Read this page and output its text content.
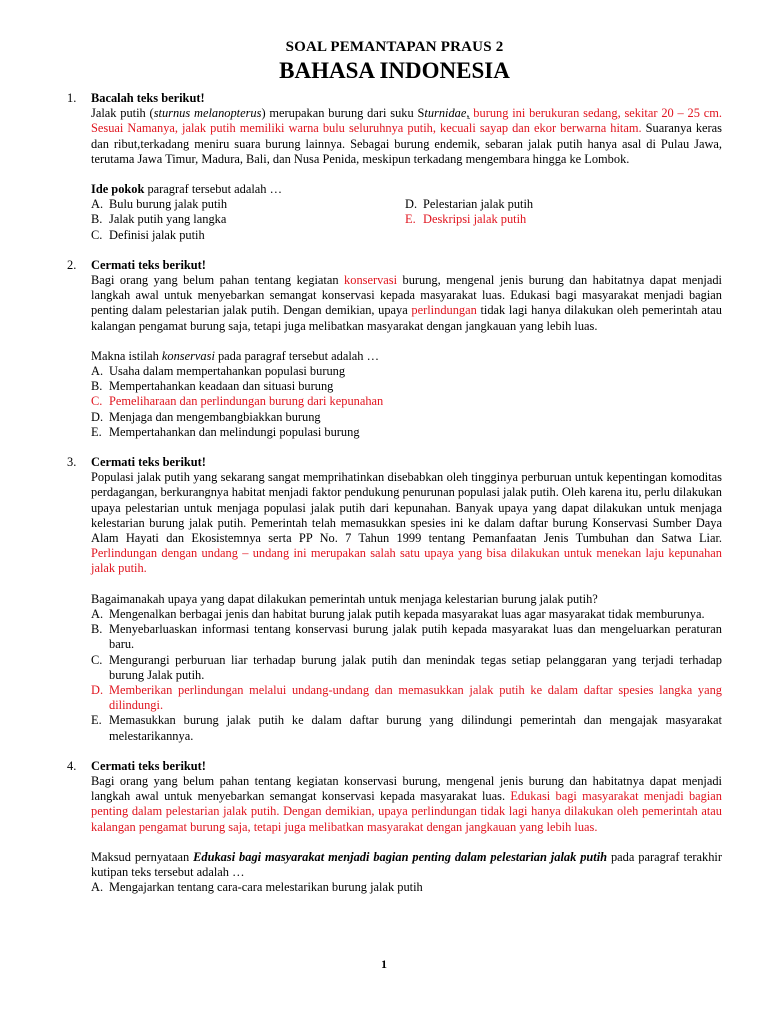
SOAL PEMANTAPAN PRAUS 2

BAHASA INDONESIA

1. Bacalah teks berikut!
Jalak putih (sturnus melanopterus) merupakan burung dari suku Sturnidae, burung ini berukuran sedang, sekitar 20 – 25 cm. Sesuai Namanya, jalak putih memiliki warna bulu seluruhnya putih, kecuali sayap dan ekor berwarna hitam. Suaranya keras dan ribut,terkadang meniru suara burung lainnya. Sebagai burung endemik, sebaran jalak putih hanya asal di Pulau Jawa, terutama Jawa Timur, Madura, Bali, dan Nusa Penida, meskipun terkadang mengembara hingga ke Lombok.
Ide pokok paragraf tersebut adalah …
A. Bulu burung jalak putih
B. Jalak putih yang langka
C. Definisi jalak putih
D. Pelestarian jalak putih
E. Deskripsi jalak putih
2. Cermati teks berikut!
Bagi orang yang belum pahan tentang kegiatan konservasi burung, mengenal jenis burung dan habitatnya dapat menjadi langkah awal untuk menyebarkan semangat konservasi kepada masyarakat luas. Edukasi bagi masyarakat menjadi bagian penting dalam pelestarian jalak putih. Dengan demikian, upaya perlindungan tidak lagi hanya dilakukan oleh pemerintah atau kalangan pengamat burung saja, tetapi juga melibatkan masyarakat dengan jangkauan yang lebih luas.
Makna istilah konservasi pada paragraf tersebut adalah …
A. Usaha dalam mempertahankan populasi burung
B. Mempertahankan keadaan dan situasi burung
C. Pemeliharaan dan perlindungan burung dari kepunahan
D. Menjaga dan mengembangbiakkan burung
E. Mempertahankan dan melindungi populasi burung
3. Cermati teks berikut!
Populasi jalak putih yang sekarang sangat memprihatinkan disebabkan oleh tingginya perburuan untuk kepentingan komoditas perdagangan, berkurangnya habitat menjadi faktor pendukung penurunan populasi jalak putih. Oleh karena itu, perlu dilakukan upaya pelestarian untuk menjaga populasi jalak putih dari kepunahan. Banyak upaya yang dapat dilakukan untuk menjaga kelestarian burung jalak putih. Pemerintah telah memasukkan spesies ini ke dalam daftar burung Konservasi Sumber Daya Alam Hayati dan Ekosistemnya serta PP No. 7 Tahun 1999 tentang Pemanfaatan Jenis Tumbuhan dan Satwa Liar. Perlindungan dengan undang – undang ini merupakan salah satu upaya yang bisa dilakukan untuk menekan laju kepunahan jalak putih.
Bagaimanakah upaya yang dapat dilakukan pemerintah untuk menjaga kelestarian burung jalak putih?
A. Mengenalkan berbagai jenis dan habitat burung jalak putih kepada masyarakat luas agar masyarakat tidak memburunya.
B. Menyebarluaskan informasi tentang konservasi burung jalak putih kepada masyarakat luas dan mengeluarkan peraturan baru.
C. Mengurangi perburuan liar terhadap burung jalak putih dan menindak tegas setiap pelanggaran yang terjadi terhadap burung Jalak putih.
D. Memberikan perlindungan melalui undang-undang dan memasukkan jalak putih ke dalam daftar spesies langka yang dilindungi.
E. Memasukkan burung jalak putih ke dalam daftar burung yang dilindungi pemerintah dan mengajak masyarakat melestarikannya.
4. Cermati teks berikut!
Bagi orang yang belum pahan tentang kegiatan konservasi burung, mengenal jenis burung dan habitatnya dapat menjadi langkah awal untuk menyebarkan semangat konservasi kepada masyarakat luas. Edukasi bagi masyarakat menjadi bagian penting dalam pelestarian jalak putih. Dengan demikian, upaya perlindungan tidak lagi hanya dilakukan oleh pemerintah atau kalangan pengamat burung saja, tetapi juga melibatkan masyarakat dengan jangkauan yang lebih luas.
Maksud pernyataan Edukasi bagi masyarakat menjadi bagian penting dalam pelestarian jalak putih pada paragraf terakhir kutipan teks tersebut adalah …
A. Mengajarkan tentang cara-cara melestarikan burung jalak putih
1
